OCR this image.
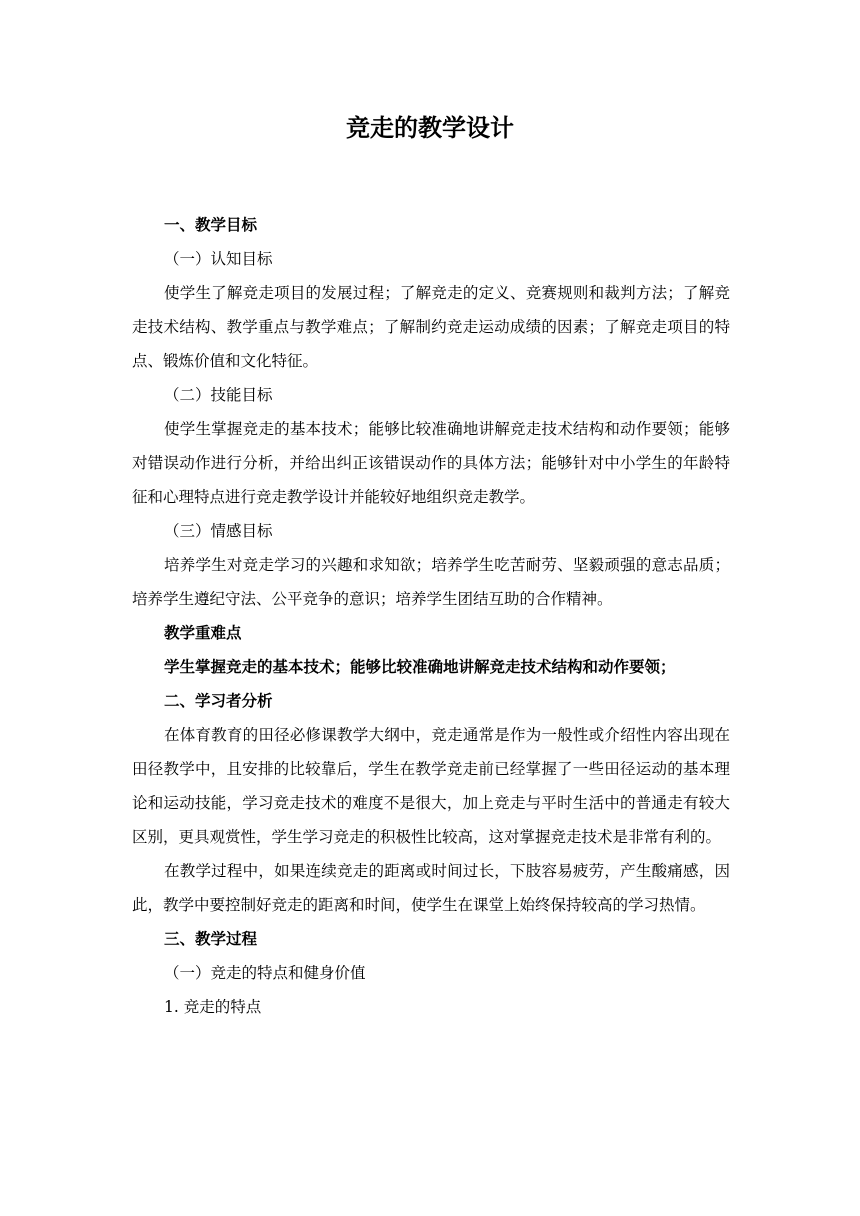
竞走的教学设计
一、教学目标
（一）认知目标
使学生了解竞走项目的发展过程；了解竞走的定义、竞赛规则和裁判方法；了解竞走技术结构、教学重点与教学难点；了解制约竞走运动成绩的因素；了解竞走项目的特点、锻炼价值和文化特征。
（二）技能目标
使学生掌握竞走的基本技术；能够比较准确地讲解竞走技术结构和动作要领；能够对错误动作进行分析，并给出纠正该错误动作的具体方法；能够针对中小学生的年龄特征和心理特点进行竞走教学设计并能较好地组织竞走教学。
（三）情感目标
培养学生对竞走学习的兴趣和求知欲；培养学生吃苦耐劳、坚毅顽强的意志品质；培养学生遵纪守法、公平竞争的意识；培养学生团结互助的合作精神。
教学重难点
学生掌握竞走的基本技术；能够比较准确地讲解竞走技术结构和动作要领；
二、学习者分析
在体育教育的田径必修课教学大纲中，竞走通常是作为一般性或介绍性内容出现在田径教学中，且安排的比较靠后，学生在教学竞走前已经掌握了一些田径运动的基本理论和运动技能，学习竞走技术的难度不是很大，加上竞走与平时生活中的普通走有较大区别，更具观赏性，学生学习竞走的积极性比较高，这对掌握竞走技术是非常有利的。
在教学过程中，如果连续竞走的距离或时间过长，下肢容易疲劳，产生酸痛感，因此，教学中要控制好竞走的距离和时间，使学生在课堂上始终保持较高的学习热情。
三、教学过程
（一）竞走的特点和健身价值
1. 竞走的特点
